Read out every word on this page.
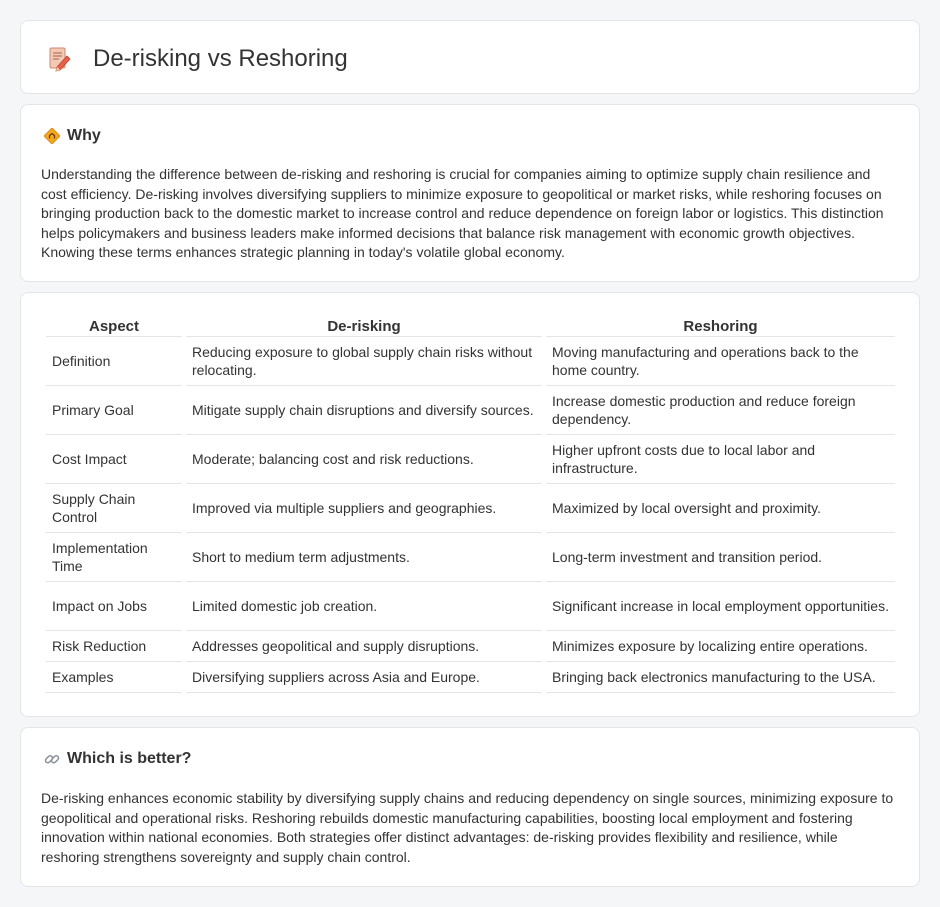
De-risking vs Reshoring
Why

Understanding the difference between de-risking and reshoring is crucial for companies aiming to optimize supply chain resilience and cost efficiency. De-risking involves diversifying suppliers to minimize exposure to geopolitical or market risks, while reshoring focuses on bringing production back to the domestic market to increase control and reduce dependence on foreign labor or logistics. This distinction helps policymakers and business leaders make informed decisions that balance risk management with economic growth objectives. Knowing these terms enhances strategic planning in today's volatile global economy.

Aspect	De-risking	Reshoring
Definition	Reducing exposure to global supply chain risks without relocating.	Moving manufacturing and operations back to the home country.
Primary Goal	Mitigate supply chain disruptions and diversify sources.	Increase domestic production and reduce foreign dependency.
Cost Impact	Moderate; balancing cost and risk reductions.	Higher upfront costs due to local labor and infrastructure.
Supply Chain Control	Improved via multiple suppliers and geographies.	Maximized by local oversight and proximity.
Implementation Time	Short to medium term adjustments.	Long-term investment and transition period.
Impact on Jobs	Limited domestic job creation.	Significant increase in local employment opportunities.
Risk Reduction	Addresses geopolitical and supply disruptions.	Minimizes exposure by localizing entire operations.
Examples	Diversifying suppliers across Asia and Europe.	Bringing back electronics manufacturing to the USA.
Which is better?

De-risking enhances economic stability by diversifying supply chains and reducing dependency on single sources, minimizing exposure to geopolitical and operational risks. Reshoring rebuilds domestic manufacturing capabilities, boosting local employment and fostering innovation within national economies. Both strategies offer distinct advantages: de-risking provides flexibility and resilience, while reshoring strengthens sovereignty and supply chain control.
